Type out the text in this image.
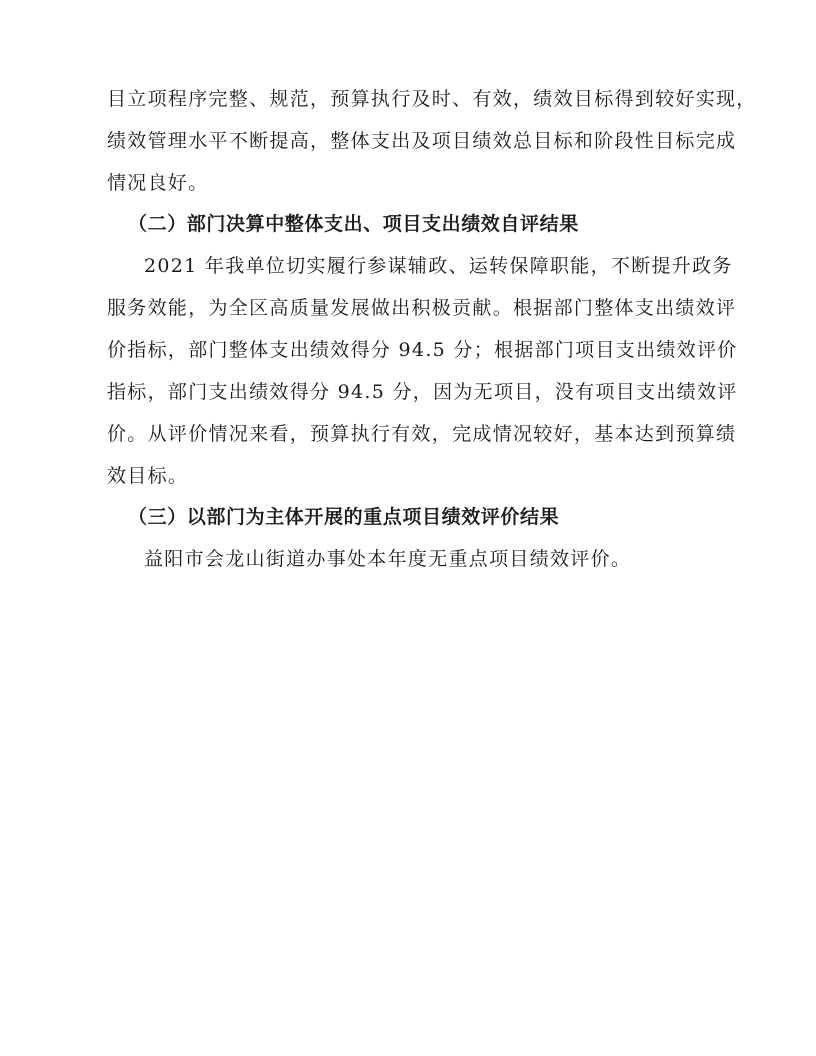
目立项程序完整、规范，预算执行及时、有效，绩效目标得到较好实现，
绩效管理水平不断提高，整体支出及项目绩效总目标和阶段性目标完成
情况良好。
（二）部门决算中整体支出、项目支出绩效自评结果
2021 年我单位切实履行参谋辅政、运转保障职能，不断提升政务
服务效能，为全区高质量发展做出积极贡献。根据部门整体支出绩效评
价指标，部门整体支出绩效得分 94.5 分；根据部门项目支出绩效评价
指标，部门支出绩效得分 94.5 分，因为无项目，没有项目支出绩效评
价。从评价情况来看，预算执行有效，完成情况较好，基本达到预算绩
效目标。
（三）以部门为主体开展的重点项目绩效评价结果
益阳市会龙山街道办事处本年度无重点项目绩效评价。
